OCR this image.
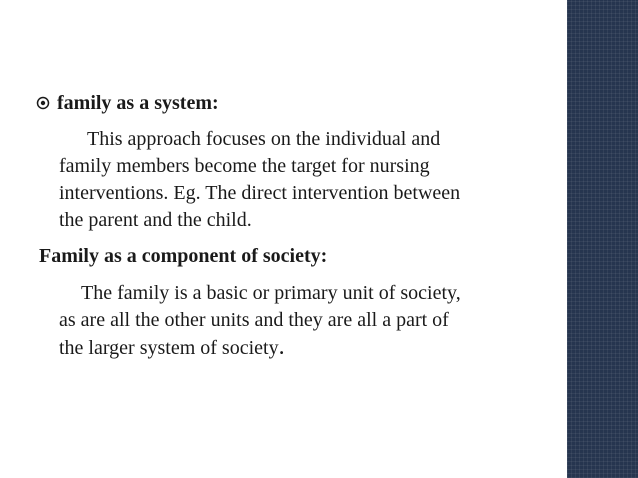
family as a system :
This approach focuses on the individual and
family members become the target for nursing
interventions. Eg. The direct intervention between
the parent and the child.
Family as a component of society:
The family is a basic or primary unit of society,
as are all the other units and they are all a part of
the larger system of society.
